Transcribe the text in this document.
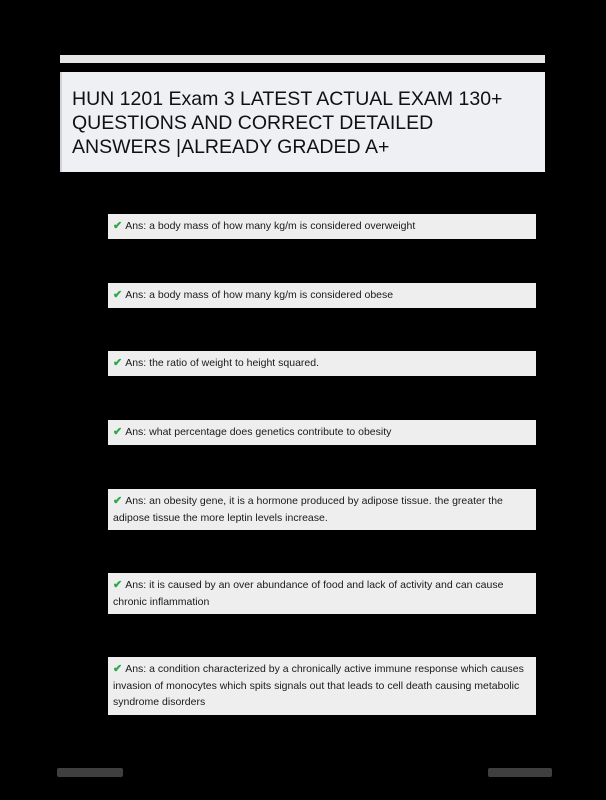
HUN 1201 Exam 3 LATEST ACTUAL EXAM 130+ QUESTIONS AND CORRECT DETAILED ANSWERS |ALREADY GRADED A+
✔ Ans: a body mass of how many kg/m is considered overweight
✔ Ans: a body mass of how many kg/m is considered obese
✔ Ans: the ratio of weight to height squared.
✔ Ans: what percentage does genetics contribute to obesity
✔ Ans: an obesity gene, it is a hormone produced by adipose tissue. the greater the adipose tissue the more leptin levels increase.
✔ Ans: it is caused by an over abundance of food and lack of activity and can cause chronic inflammation
✔ Ans: a condition characterized by a chronically active immune response which causes invasion of monocytes which spits signals out that leads to cell death causing metabolic syndrome disorders
